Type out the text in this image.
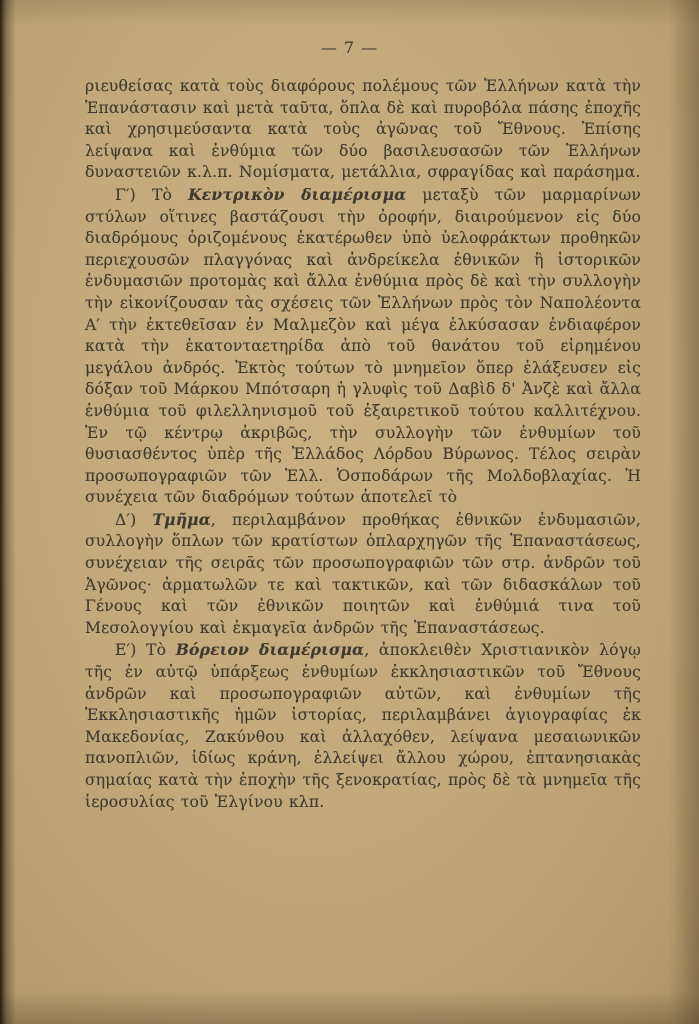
— 7 —

ριευθείσας κατὰ τοὺς διαφόρους πολέμους τῶν Ἑλλήνων κατὰ τὴν Ἐπανάστασιν καὶ μετὰ ταῦτα, ὅπλα δὲ καὶ πυροβόλα πάσης ἐποχῆς καὶ χρησιμεύσαντα κατὰ τοὺς ἀγῶνας τοῦ Ἔθνους. Ἐπίσης λείψανα καὶ ἐνθύμια τῶν δύο βασιλευσασῶν τῶν Ἑλλήνων δυναστειῶν κ.λ.π. Νομίσματα, μετάλλια, σφραγίδας καὶ παράσημα.

Γ′) Τὸ Κεντρικὸν διαμέρισμα μεταξὺ τῶν μαρμαρίνων στύλων οἵτινες βαστάζουσι τὴν ὀροφήν, διαιρούμενον εἰς δύο διαδρόμους ὁριζομένους ἑκατέρωθεν ὑπὸ ὑελοφράκτων προθηκῶν περιεχουσῶν πλαγγόνας καὶ ἀνδρείκελα ἐθνικῶν ἢ ἱστορικῶν ἐνδυμασιῶν προτομὰς καὶ ἄλλα ἐνθύμια πρὸς δὲ καὶ τὴν συλλογὴν τὴν εἰκονίζουσαν τὰς σχέσεις τῶν Ἑλλήνων πρὸς τὸν Ναπολέοντα Α′ τὴν ἐκτεθεῖσαν ἐν Μαλμεζὸν καὶ μέγα ἑλκύσασαν ἐνδιαφέρον κατὰ τὴν ἑκατονταετηρίδα ἀπὸ τοῦ θανάτου τοῦ εἰρημένου μεγάλου ἀνδρός. Ἐκτὸς τούτων τὸ μνημεῖον ὅπερ ἐλάξευσεν εἰς δόξαν τοῦ Μάρκου Μπότσαρη ἡ γλυφὶς τοῦ Δαβὶδ δ' Ἀνζὲ καὶ ἄλλα ἐνθύμια τοῦ φιλελληνισμοῦ τοῦ ἐξαιρετικοῦ τούτου καλλιτέχνου. Ἐν τῷ κέντρῳ ἀκριβῶς, τὴν συλλογὴν τῶν ἐνθυμίων τοῦ θυσιασθέντος ὑπὲρ τῆς Ἑλλάδος Λόρδου Βύρωνος. Τέλος σειρὰν προσωπογραφιῶν τῶν Ἑλλ. Ὁσποδάρων τῆς Μολδοβλαχίας. Ἡ συνέχεια τῶν διαδρόμων τούτων ἀποτελεῖ τὸ

Δ′) Τμῆμα, περιλαμβάνον προθήκας ἐθνικῶν ἐνδυμασιῶν, συλλογὴν ὅπλων τῶν κρατίστων ὁπλαρχηγῶν τῆς Ἐπαναστάσεως, συνέχειαν τῆς σειρᾶς τῶν προσωπογραφιῶν τῶν στρ. ἀνδρῶν τοῦ Ἀγῶνος· ἁρματωλῶν τε καὶ τακτικῶν, καὶ τῶν διδασκάλων τοῦ Γένους καὶ τῶν ἐθνικῶν ποιητῶν καὶ ἐνθύμιά τινα τοῦ Μεσολογγίου καὶ ἐκμαγεῖα ἀνδρῶν τῆς Ἐπαναστάσεως.

Ε′) Τὸ Βόρειον διαμέρισμα, ἀποκλειθὲν Χριστιανικὸν λόγῳ τῆς ἐν αὐτῷ ὑπάρξεως ἐνθυμίων ἐκκλησιαστικῶν τοῦ Ἔθνους ἀνδρῶν καὶ προσωπογραφιῶν αὐτῶν, καὶ ἐνθυμίων τῆς Ἐκκλησιαστικῆς ἡμῶν ἱστορίας, περιλαμβάνει ἁγιογραφίας ἐκ Μακεδονίας, Ζακύνθου καὶ ἀλλαχόθεν, λείψανα μεσαιωνικῶν πανοπλιῶν, ἰδίως κράνη, ἐλλείψει ἄλλου χώρου, ἑπτανησιακὰς σημαίας κατὰ τὴν ἐποχὴν τῆς ξενοκρατίας, πρὸς δὲ τὰ μνημεῖα τῆς ἱεροσυλίας τοῦ Ἐλγίνου κλπ.
